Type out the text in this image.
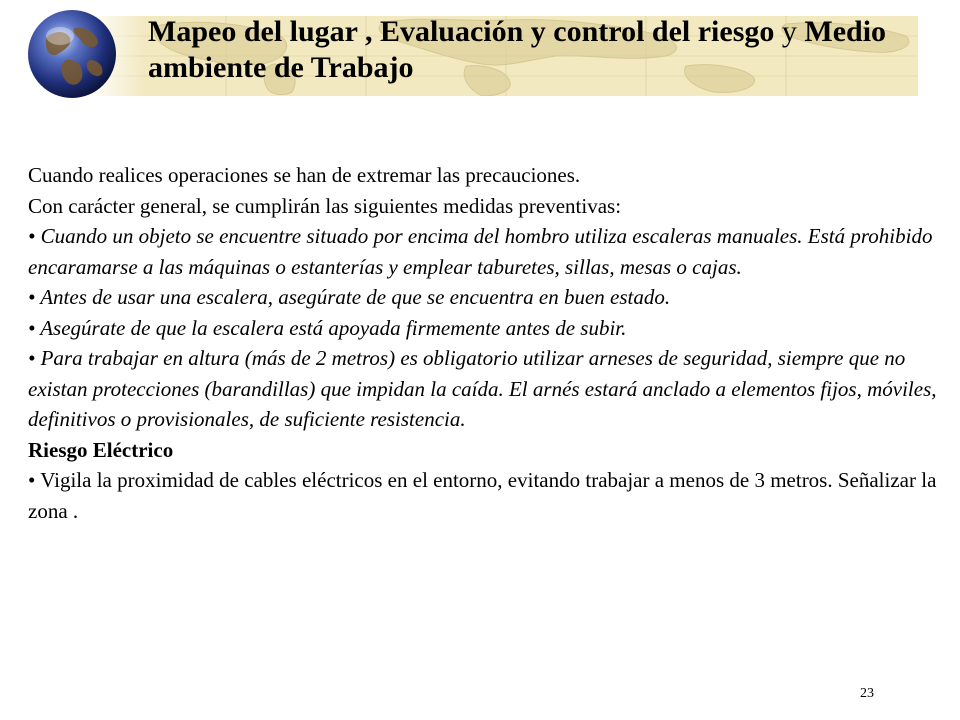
Mapeo del lugar , Evaluación y control del riesgo y Medio ambiente de Trabajo

Cuando realices operaciones se han de extremar las precauciones.

Con carácter general, se cumplirán las siguientes medidas preventivas:

• Cuando un objeto se encuentre situado por encima del hombro utiliza escaleras manuales. Está prohibido encaramarse a las máquinas o estanterías y emplear taburetes, sillas, mesas o cajas.

• Antes de usar una escalera, asegúrate de que se encuentra en buen estado.

• Asegúrate de que la escalera está apoyada firmemente antes de subir.

• Para trabajar en altura (más de 2 metros) es obligatorio utilizar arneses de seguridad, siempre que no existan protecciones (barandillas) que impidan la caída. El arnés estará anclado a elementos fijos, móviles, definitivos o provisionales, de suficiente resistencia.

Riesgo Eléctrico

• Vigila la proximidad de cables eléctricos en el entorno, evitando trabajar a menos de 3 metros. Señalizar la zona .

23
